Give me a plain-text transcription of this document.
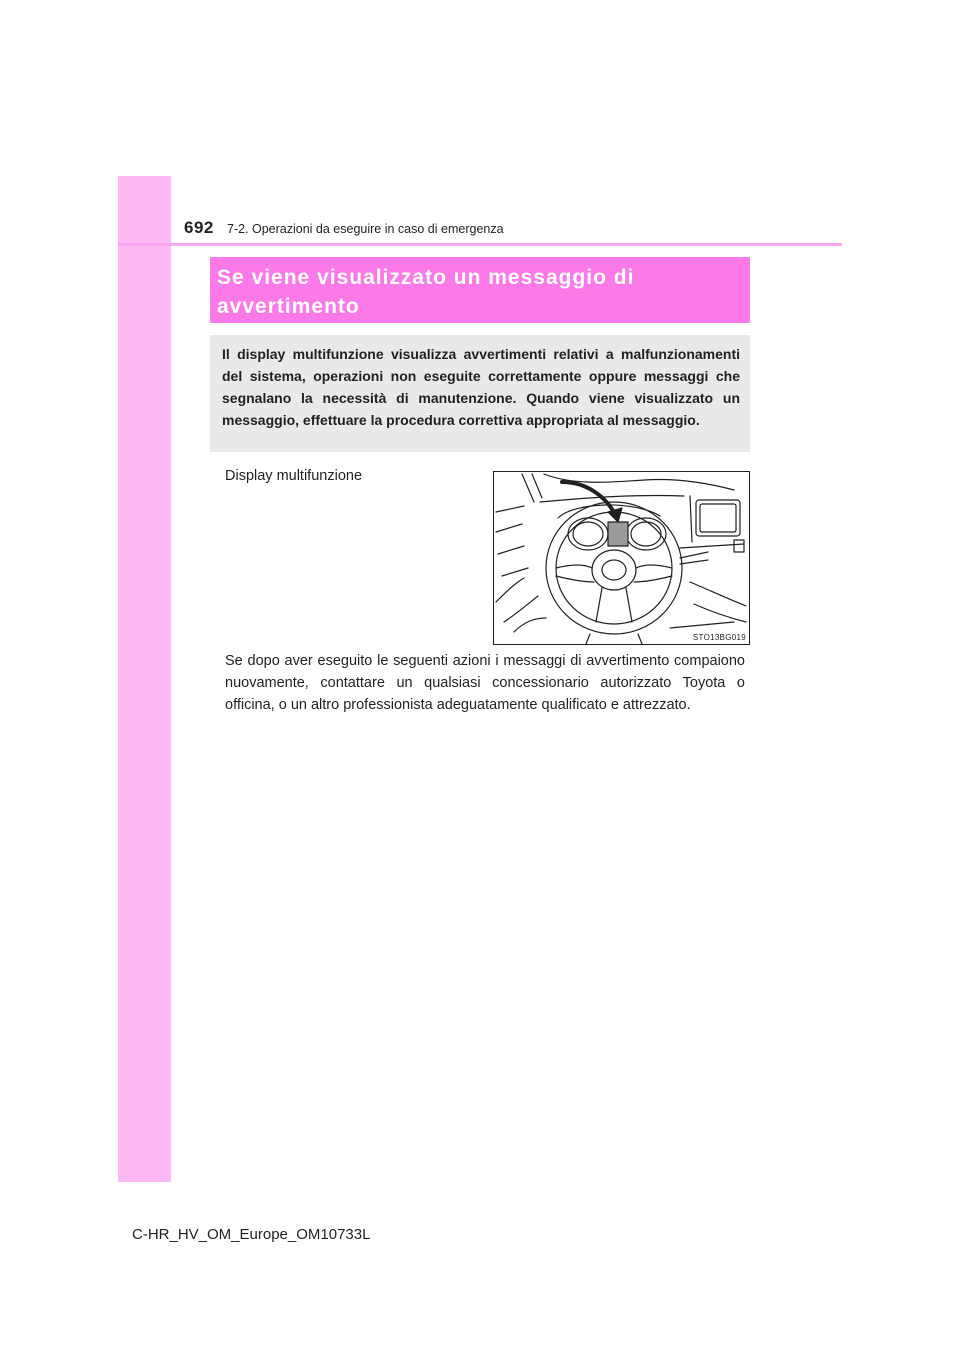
692 7-2. Operazioni da eseguire in caso di emergenza
Se viene visualizzato un messaggio di avvertimento

Il display multifunzione visualizza avvertimenti relativi a malfunzionamenti del sistema, operazioni non eseguite correttamente oppure messaggi che segnalano la necessità di manutenzione. Quando viene visualizzato un messaggio, effettuare la procedura correttiva appropriata al messaggio.

Display multifunzione
STO13BG019

Se dopo aver eseguito le seguenti azioni i messaggi di avvertimento compaiono nuovamente, contattare un qualsiasi concessionario autorizzato Toyota o officina, o un altro professionista adeguatamente qualificato e attrezzato.

C-HR_HV_OM_Europe_OM10733L
